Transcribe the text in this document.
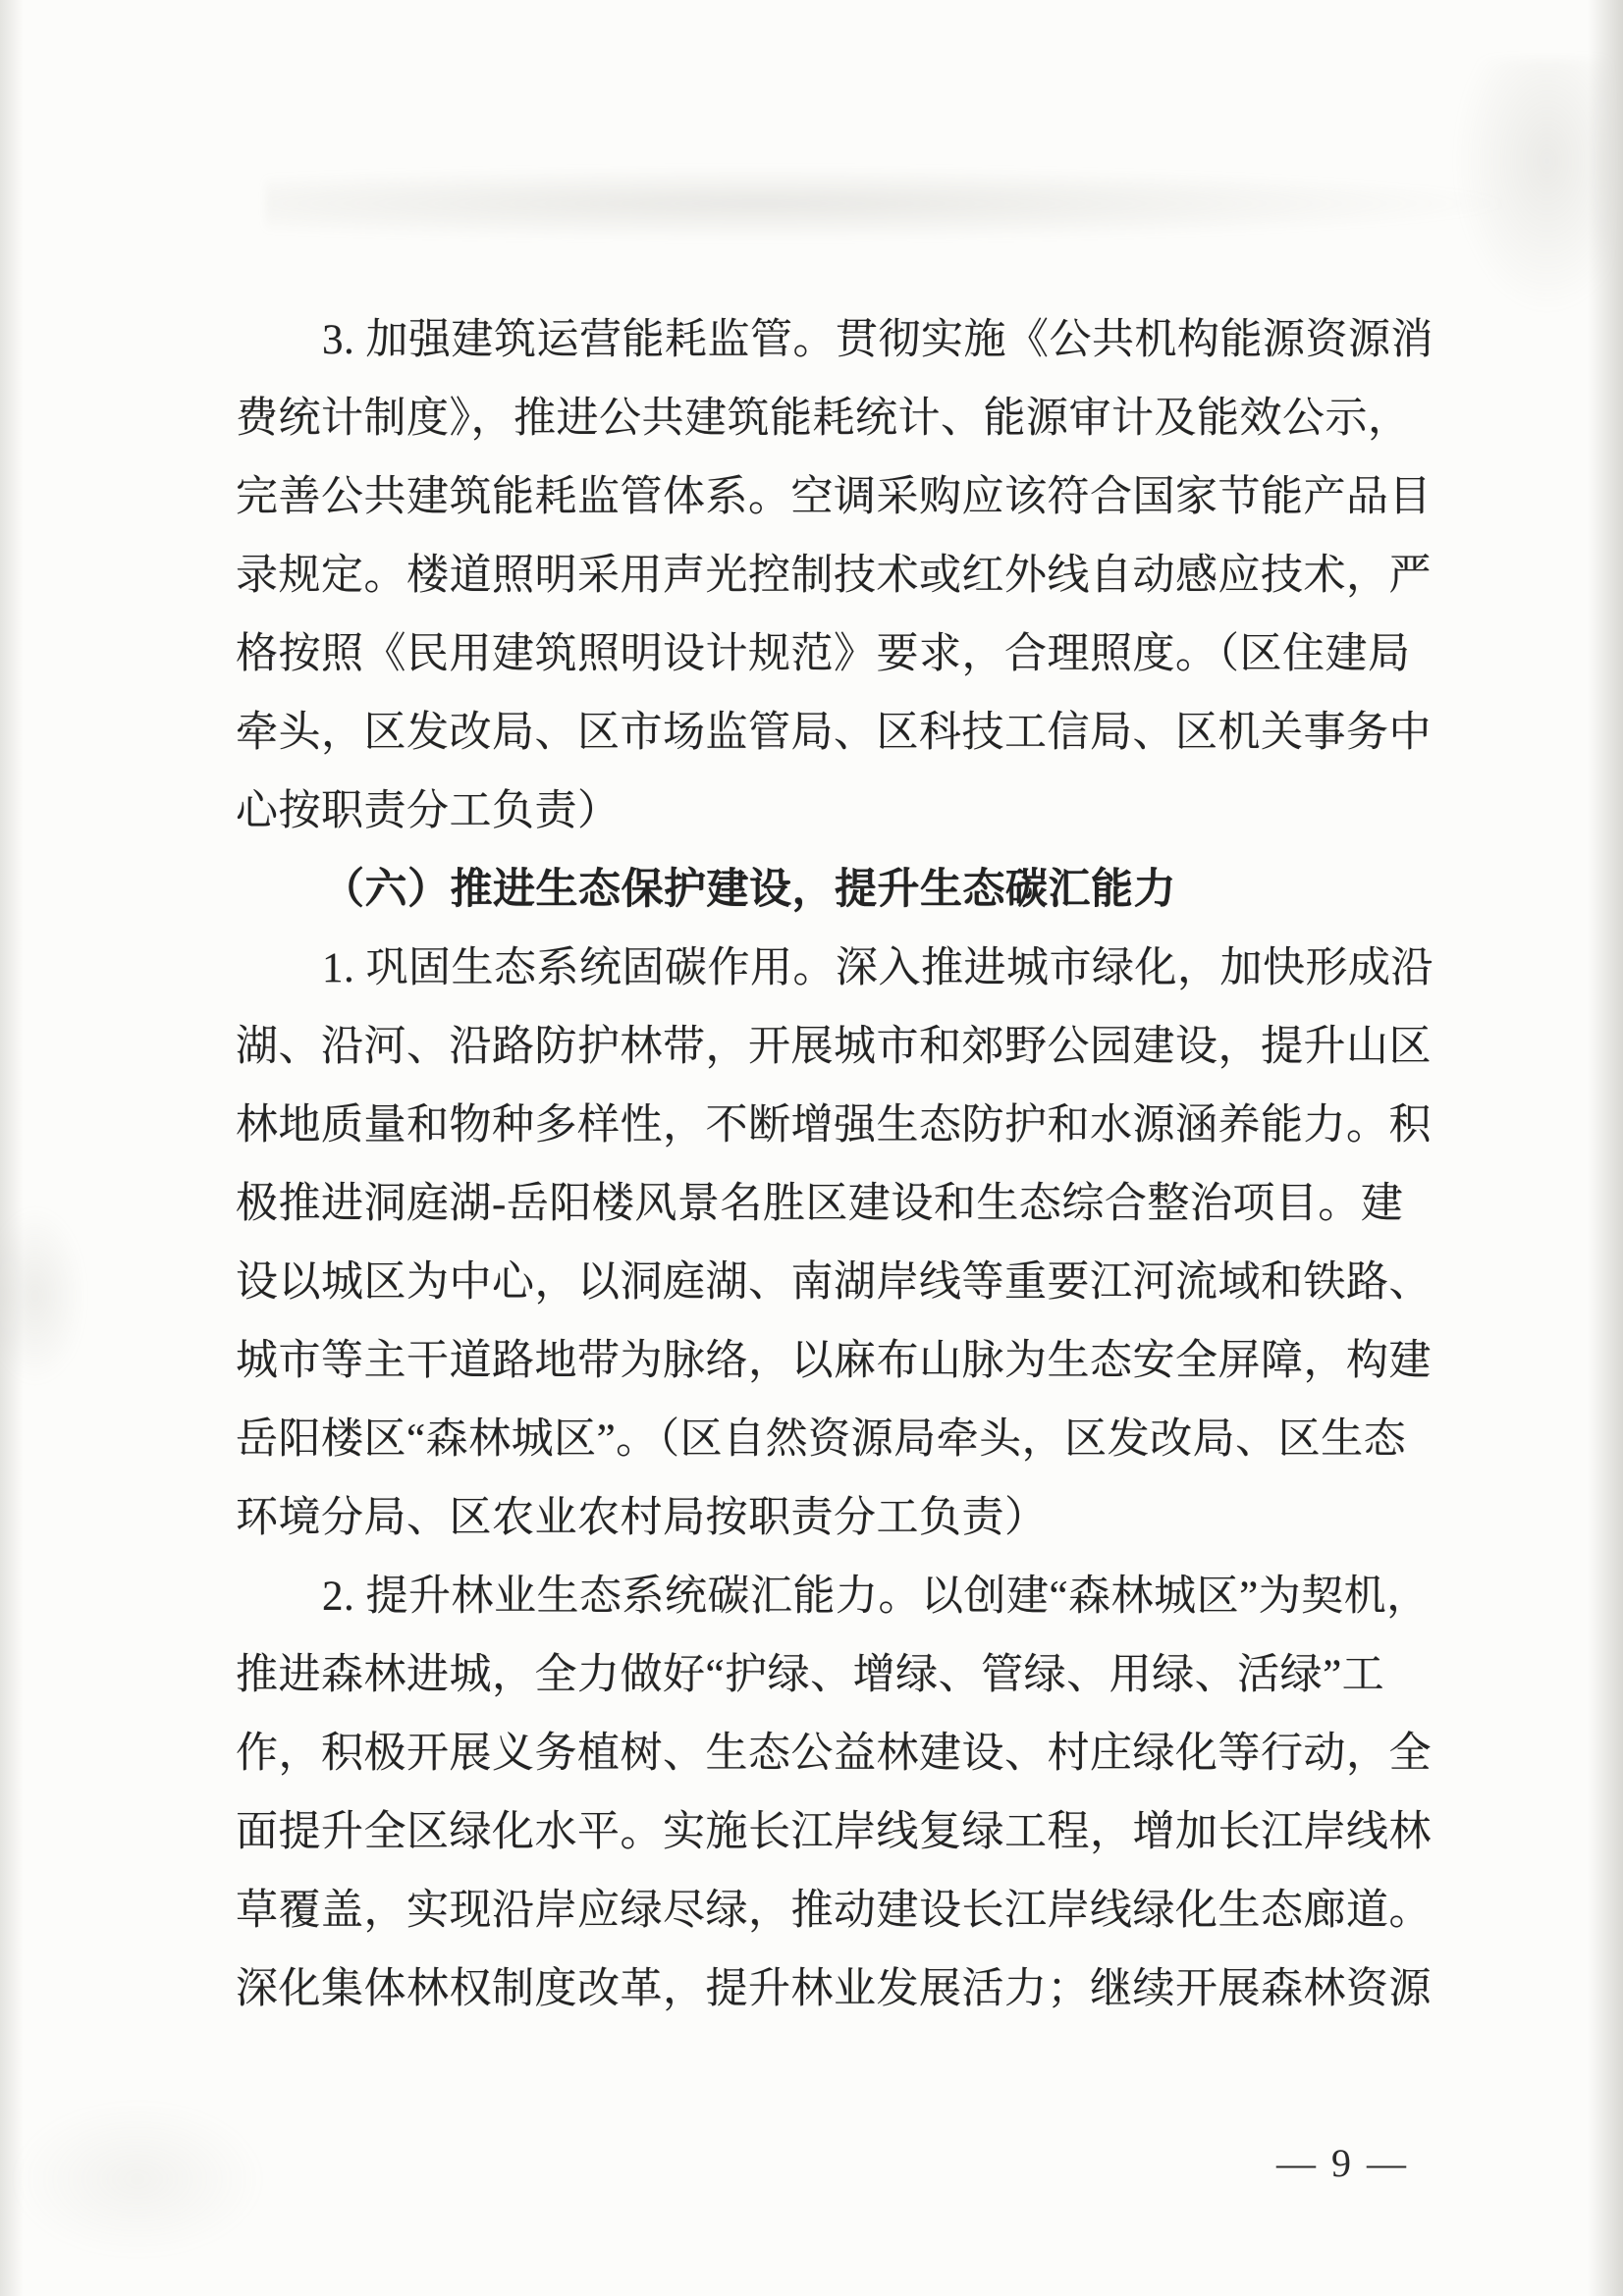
3. 加强建筑运营能耗监管。贯彻实施《公共机构能源资源消
费统计制度》，推进公共建筑能耗统计、能源审计及能效公示，
完善公共建筑能耗监管体系。空调采购应该符合国家节能产品目
录规定。楼道照明采用声光控制技术或红外线自动感应技术，严
格按照《民用建筑照明设计规范》要求，合理照度。（区住建局
牵头，区发改局、区市场监管局、区科技工信局、区机关事务中
心按职责分工负责）
（六）推进生态保护建设，提升生态碳汇能力
1. 巩固生态系统固碳作用。深入推进城市绿化，加快形成沿
湖、沿河、沿路防护林带，开展城市和郊野公园建设，提升山区
林地质量和物种多样性，不断增强生态防护和水源涵养能力。积
极推进洞庭湖-岳阳楼风景名胜区建设和生态综合整治项目。建
设以城区为中心，以洞庭湖、南湖岸线等重要江河流域和铁路、
城市等主干道路地带为脉络，以麻布山脉为生态安全屏障，构建
岳阳楼区“森林城区”。（区自然资源局牵头，区发改局、区生态
环境分局、区农业农村局按职责分工负责）
2. 提升林业生态系统碳汇能力。以创建“森林城区”为契机，
推进森林进城，全力做好“护绿、增绿、管绿、用绿、活绿”工
作，积极开展义务植树、生态公益林建设、村庄绿化等行动，全
面提升全区绿化水平。实施长江岸线复绿工程，增加长江岸线林
草覆盖，实现沿岸应绿尽绿，推动建设长江岸线绿化生态廊道。
深化集体林权制度改革，提升林业发展活力；继续开展森林资源
— 9 —
